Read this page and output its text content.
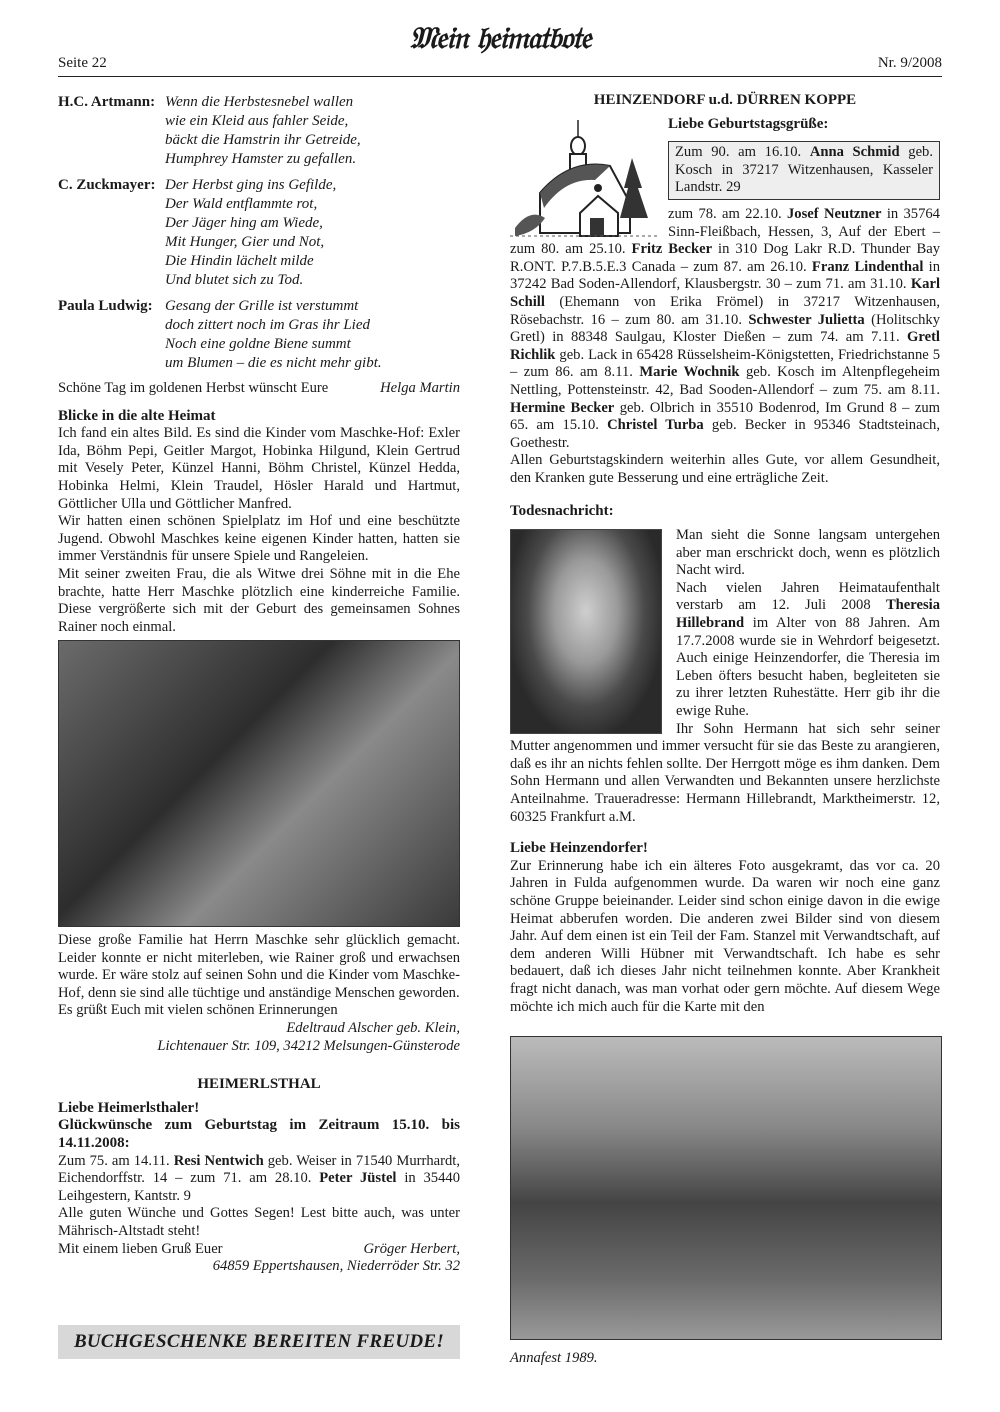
Seite 22
𝔐𝔢𝔦𝔫 𝔥𝔢𝔦𝔪𝔞𝔱𝔟𝔬𝔱𝔢
Nr. 9/2008
H.C. Artmann: Wenn die Herbstesnebel wallen
wie ein Kleid aus fahler Seide,
bäckt die Hamstrin ihr Getreide,
Humphrey Hamster zu gefallen.
C. Zuckmayer: Der Herbst ging ins Gefilde,
Der Wald entflammte rot,
Der Jäger hing am Wiede,
Mit Hunger, Gier und Not,
Die Hindin lächelt milde
Und blutet sich zu Tod.
Paula Ludwig: Gesang der Grille ist verstummt
doch zittert noch im Gras ihr Lied
Noch eine goldne Biene summt
um Blumen – die es nicht mehr gibt.
Schöne Tag im goldenen Herbst wünscht Eure	Helga Martin
Blicke in die alte Heimat
Ich fand ein altes Bild. Es sind die Kinder vom Maschke-Hof: Exler Ida, Böhm Pepi, Geitler Margot, Hobinka Hilgund, Klein Gertrud mit Vesely Peter, Künzel Hanni, Böhm Christel, Künzel Hedda, Hobinka Helmi, Klein Traudel, Hösler Harald und Hartmut, Göttlicher Ulla und Göttlicher Manfred.
Wir hatten einen schönen Spielplatz im Hof und eine beschützte Jugend. Obwohl Maschkes keine eigenen Kinder hatten, hatten sie immer Verständnis für unsere Spiele und Rangeleien.
Mit seiner zweiten Frau, die als Witwe drei Söhne mit in die Ehe brachte, hatte Herr Maschke plötzlich eine kinderreiche Familie. Diese vergrößerte sich mit der Geburt des gemeinsamen Sohnes Rainer noch einmal.
Diese große Familie hat Herrn Maschke sehr glücklich gemacht. Leider konnte er nicht miterleben, wie Rainer groß und erwachsen wurde. Er wäre stolz auf seinen Sohn und die Kinder vom Maschke-Hof, denn sie sind alle tüchtige und anständige Menschen geworden.
Es grüßt Euch mit vielen schönen Erinnerungen
Edeltraud Alscher geb. Klein,
Lichtenauer Str. 109, 34212 Melsungen-Günsterode
HEIMERLSTHAL
Liebe Heimerlsthaler!
Glückwünsche zum Geburtstag im Zeitraum 15.10. bis 14.11.2008:
Zum 75. am 14.11. Resi Nentwich geb. Weiser in 71540 Murrhardt, Eichendorffstr. 14 – zum 71. am 28.10. Peter Jüstel in 35440 Leihgestern, Kantstr. 9
Alle guten Wünche und Gottes Segen! Lest bitte auch, was unter Mährisch-Altstadt steht!
Mit einem lieben Gruß Euer	Gröger Herbert,
64859 Eppertshausen, Niederröder Str. 32
BUCHGESCHENKE BEREITEN FREUDE!
HEINZENDORF u.d. DÜRREN KOPPE
Liebe Geburtstagsgrüße:
Zum 90. am 16.10. Anna Schmid geb. Kosch in 37217 Witzenhausen, Kasseler Landstr. 29
zum 78. am 22.10. Josef Neutzner in 35764 Sinn-Fleißbach, Hessen, 3, Auf der Ebert – zum 80. am 25.10. Fritz Becker in 310 Dog Lakr R.D. Thunder Bay R.ONT. P.7.B.5.E.3 Canada – zum 87. am 26.10. Franz Lindenthal in 37242 Bad Soden-Allendorf, Klausbergstr. 30 – zum 71. am 31.10. Karl Schill (Ehemann von Erika Frömel) in 37217 Witzenhausen, Rösebachstr. 16 – zum 80. am 31.10. Schwester Julietta (Holitschky Gretl) in 88348 Saulgau, Kloster Dießen – zum 74. am 7.11. Gretl Richlik geb. Lack in 65428 Rüsselsheim-Königstetten, Friedrichstanne 5 – zum 86. am 8.11. Marie Wochnik geb. Kosch im Altenpflegeheim Nettling, Pottensteinstr. 42, Bad Sooden-Allendorf – zum 75. am 8.11. Hermine Becker geb. Olbrich in 35510 Bodenrod, Im Grund 8 – zum 65. am 15.10. Christel Turba geb. Becker in 95346 Stadtsteinach, Goethestr.
Allen Geburtstagskindern weiterhin alles Gute, vor allem Gesundheit, den Kranken gute Besserung und eine erträgliche Zeit.
Todesnachricht:
Man sieht die Sonne langsam untergehen aber man erschrickt doch, wenn es plötzlich Nacht wird.
Nach vielen Jahren Heimataufenthalt verstarb am 12. Juli 2008 Theresia Hillebrand im Alter von 88 Jahren. Am 17.7.2008 wurde sie in Wehrdorf beigesetzt. Auch einige Heinzendorfer, die Theresia im Leben öfters besucht haben, begleiteten sie zu ihrer letzten Ruhestätte. Herr gib ihr die ewige Ruhe.
Ihr Sohn Hermann hat sich sehr seiner Mutter angenommen und immer versucht für sie das Beste zu arangieren, daß es ihr an nichts fehlen sollte. Der Herrgott möge es ihm danken. Dem Sohn Hermann und allen Verwandten und Bekannten unsere herzlichste Anteilnahme. Traueradresse: Hermann Hillebrandt, Marktheimerstr. 12, 60325 Frankfurt a.M.
Liebe Heinzendorfer!
Zur Erinnerung habe ich ein älteres Foto ausgekramt, das vor ca. 20 Jahren in Fulda aufgenommen wurde. Da waren wir noch eine ganz schöne Gruppe beieinander. Leider sind schon einige davon in die ewige Heimat abberufen worden. Die anderen zwei Bilder sind von diesem Jahr. Auf dem einen ist ein Teil der Fam. Stanzel mit Verwandtschaft, auf dem anderen Willi Hübner mit Verwandtschaft. Ich habe es sehr bedauert, daß ich dieses Jahr nicht teilnehmen konnte. Aber Krankheit fragt nicht danach, was man vorhat oder gern möchte. Auf diesem Wege möchte ich mich auch für die Karte mit den
Annafest 1989.
